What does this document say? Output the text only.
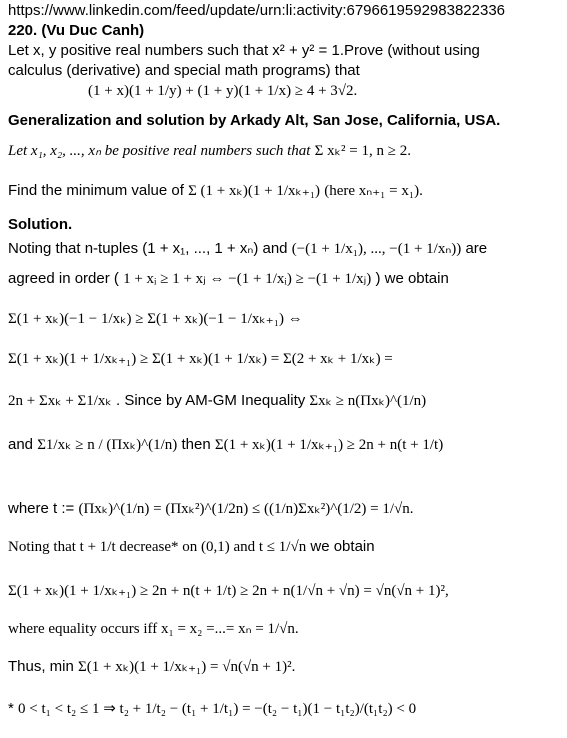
https://www.linkedin.com/feed/update/urn:li:activity:6796619592983822336
220. (Vu Duc Canh)
Let x, y positive real numbers such that x² + y² = 1.Prove (without using
calculus (derivative) and special math programs) that
(1 + x)(1 + 1/y) + (1 + y)(1 + 1/x) ≥ 4 + 3√2.
Generalization and solution by Arkady Alt, San Jose, California, USA.
Let x₁, x₂, ..., xₙ be positive real numbers such that Σ xₖ² = 1, n ≥ 2.
Find the minimum value of Σ (1 + xₖ)(1 + 1/xₖ₊₁) (here xₙ₊₁ = x₁).
Solution.
Noting that n-tuples (1 + x₁, ..., 1 + xₙ) and (−(1 + 1/x₁), ..., −(1 + 1/xₙ)) are
agreed in order ( 1 + xᵢ ≥ 1 + xⱼ ⇔ −(1 + 1/xᵢ) ≥ −(1 + 1/xⱼ) ) we obtain
Σ(1 + xₖ)(−1 − 1/xₖ) ≥ Σ(1 + xₖ)(−1 − 1/xₖ₊₁) ⇔
Σ(1 + xₖ)(1 + 1/xₖ₊₁) ≥ Σ(1 + xₖ)(1 + 1/xₖ) = Σ(2 + xₖ + 1/xₖ) =
2n + Σxₖ + Σ1/xₖ . Since by AM-GM Inequality Σxₖ ≥ n(Πxₖ)^(1/n)
and Σ1/xₖ ≥ n / (Πxₖ)^(1/n) then Σ(1 + xₖ)(1 + 1/xₖ₊₁) ≥ 2n + n(t + 1/t)
where t := (Πxₖ)^(1/n) = (Πxₖ²)^(1/2n) ≤ ((1/n)Σxₖ²)^(1/2) = 1/√n.
Noting that t + 1/t decrease* on (0,1) and t ≤ 1/√n we obtain
Σ(1 + xₖ)(1 + 1/xₖ₊₁) ≥ 2n + n(t + 1/t) ≥ 2n + n(1/√n + √n) = √n(√n + 1)²,
where equality occurs iff x₁ = x₂ =...= xₙ = 1/√n.
Thus, min Σ(1 + xₖ)(1 + 1/xₖ₊₁) = √n(√n + 1)².
* 0 < t₁ < t₂ ≤ 1 ⇒ t₂ + 1/t₂ − (t₁ + 1/t₁) = −(t₂ − t₁)(1 − t₁t₂)/(t₁t₂) < 0
